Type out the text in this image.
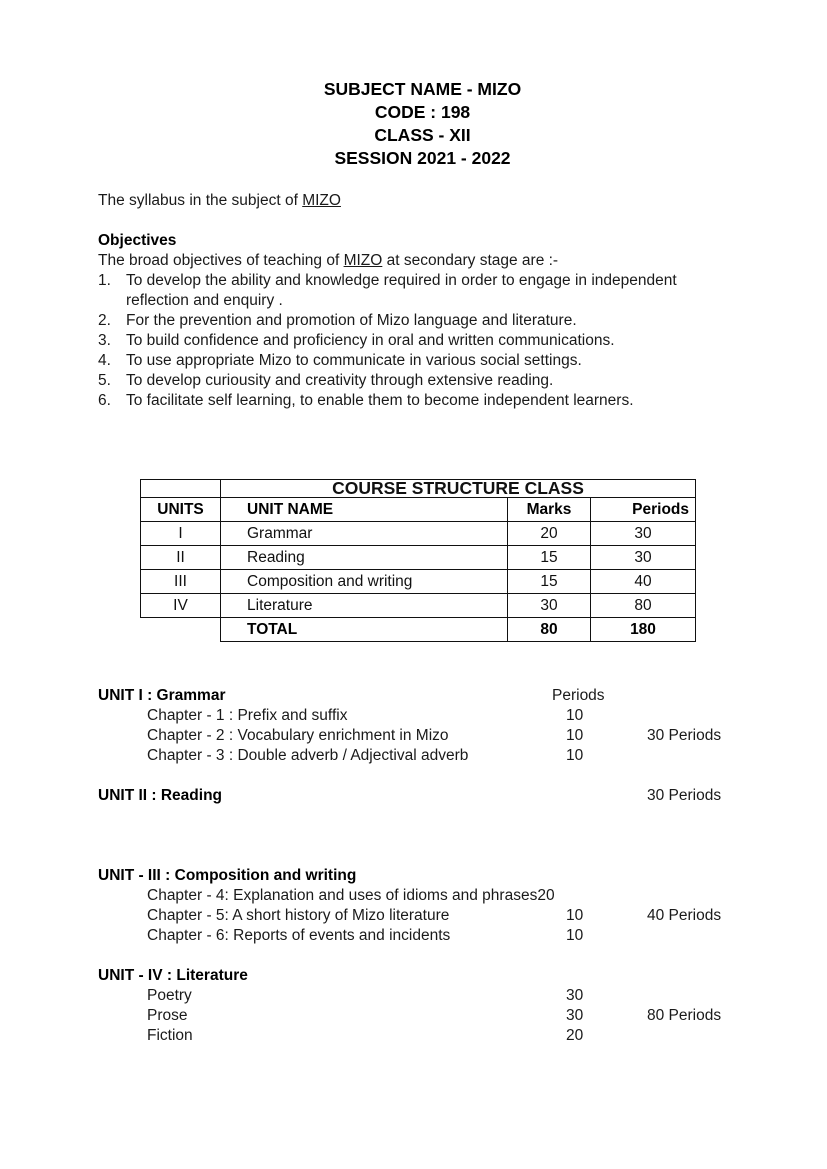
SUBJECT NAME - MIZO
CODE : 198
CLASS - XII
SESSION 2021 - 2022
The syllabus in the subject of MIZO
Objectives
The broad objectives of teaching of MIZO at secondary stage are :-
1. To develop the ability and knowledge required in order to engage in independent
reflection and enquiry .
2. For the prevention and promotion of Mizo language and literature.
3. To build confidence and proficiency in oral and written communications.
4. To use appropriate Mizo to communicate in various social settings.
5. To develop curiousity and creativity through extensive reading.
6. To facilitate self learning, to enable them to become independent learners.
	COURSE STRUCTURE CLASS		
UNITS	UNIT NAME	Marks	Periods
I	Grammar	20	30
II	Reading	15	30
III	Composition and writing	15	40
IV	Literature	30	80
	TOTAL	80	180
UNIT I : Grammar	Periods
Chapter - 1 : Prefix and suffix	10
Chapter - 2 : Vocabulary enrichment in Mizo	10	30 Periods
Chapter - 3 : Double adverb / Adjectival adverb	10
UNIT II : Reading	30 Periods
UNIT - III : Composition and writing
Chapter - 4: Explanation and uses of idioms and phrases20
Chapter - 5: A short history of Mizo literature	10	40 Periods
Chapter - 6: Reports of events and incidents	10
UNIT - IV : Literature
Poetry	30
Prose	30	80 Periods
Fiction	20
